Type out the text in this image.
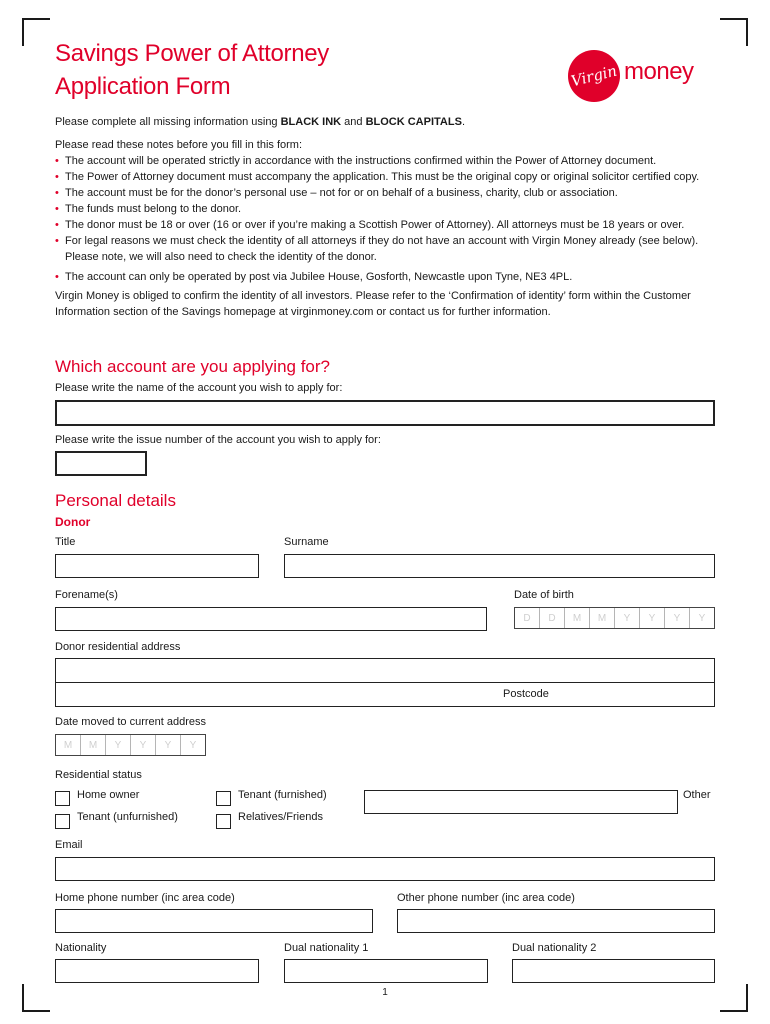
Savings Power of Attorney
Application Form	Virgin money

Please complete all missing information using BLACK INK and BLOCK CAPITALS.

Please read these notes before you fill in this form:

• The account will be operated strictly in accordance with the instructions confirmed within the Power of Attorney document.
• The Power of Attorney document must accompany the application. This must be the original copy or original solicitor certified copy.
• The account must be for the donor’s personal use – not for or on behalf of a business, charity, club or association.
• The funds must belong to the donor.
• The donor must be 18 or over (16 or over if you’re making a Scottish Power of Attorney). All attorneys must be 18 years or over.
• For legal reasons we must check the identity of all attorneys if they do not have an account with Virgin Money already (see below). Please note, we will also need to check the identity of the donor.
• The account can only be operated by post via Jubilee House, Gosforth, Newcastle upon Tyne, NE3 4PL.

Virgin Money is obliged to confirm the identity of all investors. Please refer to the ‘Confirmation of identity’ form within the Customer Information section of the Savings homepage at virginmoney.com or contact us for further information.

Which account are you applying for?
Please write the name of the account you wish to apply for:
Please write the issue number of the account you wish to apply for:
Personal details
Donor
Title	Surname
Forename(s)	Date of birth
D	D	M	M	Y	Y	Y	Y
Donor residential address
Postcode
Date moved to current address
M	M	Y	Y	Y	Y
Residential status
Home owner	Tenant (furnished)	Other
Tenant (unfurnished)	Relatives/Friends
Email
Home phone number (inc area code)	Other phone number (inc area code)
Nationality	Dual nationality 1	Dual nationality 2
1
